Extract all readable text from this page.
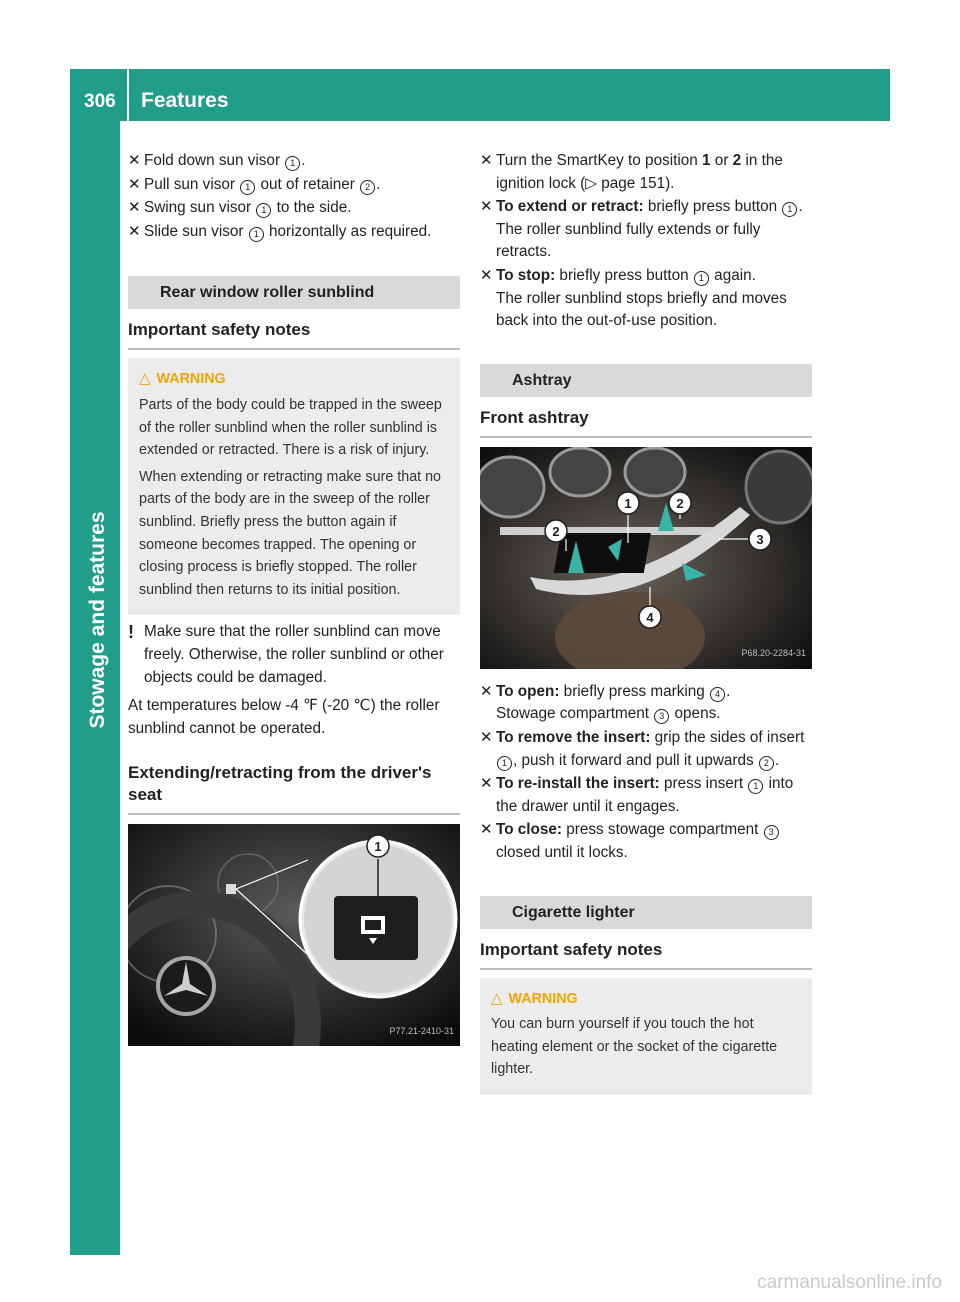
306 Features
Stowage and features
✕ Fold down sun visor 1 .
✕ Pull sun visor 1 out of retainer 2 .
✕ Swing sun visor 1 to the side.
✕ Slide sun visor 1 horizontally as required.
Rear window roller sunblind
Important safety notes
△ WARNING

Parts of the body could be trapped in the sweep of the roller sunblind when the roller sunblind is extended or retracted. There is a risk of injury.

When extending or retracting make sure that no parts of the body are in the sweep of the roller sunblind. Briefly press the button again if someone becomes trapped. The opening or closing process is briefly stopped. The roller sunblind then returns to its initial position.

! Make sure that the roller sunblind can move freely. Otherwise, the roller sunblind or other objects could be damaged.
At temperatures below -4 ℉ (-20 ℃) the roller sunblind cannot be operated.
Extending/retracting from the driver's seat
1
P77.21-2410-31
✕ Turn the SmartKey to position 1 or 2 in the ignition lock (▷ page 151).
✕ To extend or retract: briefly press button 1 .
The roller sunblind fully extends or fully retracts.
✕ To stop: briefly press button 1 again.
The roller sunblind stops briefly and moves back into the out-of-use position.
Ashtray
Front ashtray
1	2
2
3
4
P68.20-2284-31
✕ To open: briefly press marking 4 .
Stowage compartment 3 opens.
✕ To remove the insert: grip the sides of insert 1 , push it forward and pull it upwards 2 .
✕ To re-install the insert: press insert 1 into the drawer until it engages.
✕ To close: press stowage compartment 3 closed until it locks.
Cigarette lighter
Important safety notes
△ WARNING

You can burn yourself if you touch the hot heating element or the socket of the cigarette lighter.

carmanualsonline.info
